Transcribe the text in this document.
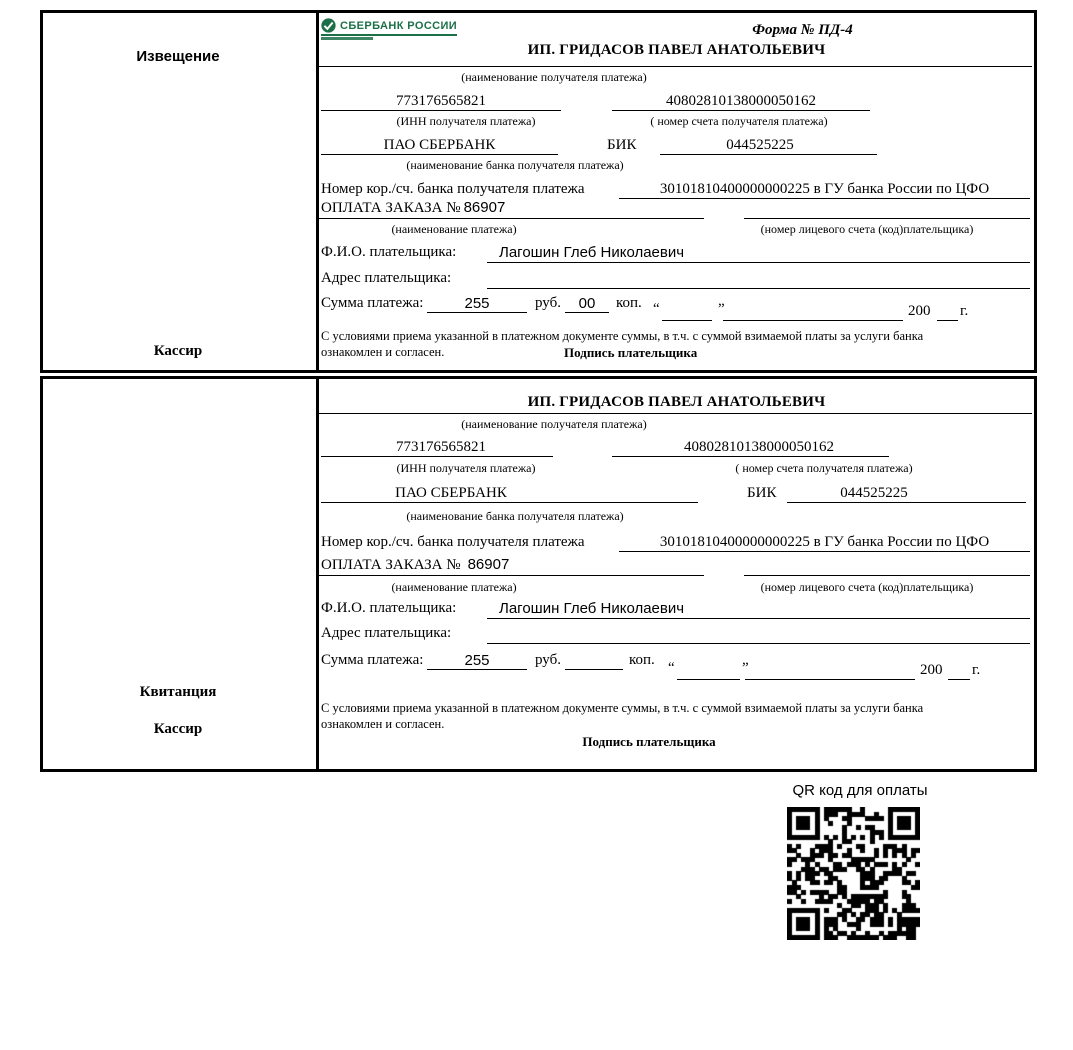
Извещение
Кассир
СБЕРБАНК РОССИИ	Форма № ПД-4
ИП. ГРИДАСОВ ПАВЕЛ АНАТОЛЬЕВИЧ
(наименование получателя платежа)
773176565821	40802810138000050162
(ИНН получателя платежа)	( номер счета получателя платежа)
ПАО СБЕРБАНК	БИК	044525225
(наименование банка получателя платежа)
Номер кор./сч. банка получателя платежа	30101810400000000225 в ГУ банка России по ЦФО
ОПЛАТА ЗАКАЗА № 86907
(наименование платежа)	(номер лицевого счета (код)плательщика)
Ф.И.О. плательщика:	Лагошин Глеб Николаевич
Адрес плательщика:
Сумма платежа:	255	руб.	00	коп. “	”	200 г.
С условиями приема указанной в платежном документе суммы, в т.ч. с суммой взимаемой платы за услуги банка
ознакомлен и согласен.	Подпись плательщика
Квитанция
Кассир
ИП. ГРИДАСОВ ПАВЕЛ АНАТОЛЬЕВИЧ
(наименование получателя платежа)
773176565821	40802810138000050162
(ИНН получателя платежа)	( номер счета получателя платежа)
ПАО СБЕРБАНК	БИК	044525225
(наименование банка получателя платежа)
Номер кор./сч. банка получателя платежа	30101810400000000225 в ГУ банка России по ЦФО
ОПЛАТА ЗАКАЗА № 86907
(наименование платежа)	(номер лицевого счета (код)плательщика)
Ф.И.О. плательщика:	Лагошин Глеб Николаевич
Адрес плательщика:
Сумма платежа:	255	руб.	коп. “	”	200 г.
С условиями приема указанной в платежном документе суммы, в т.ч. с суммой взимаемой платы за услуги банка
ознакомлен и согласен.
Подпись плательщика
QR код для оплаты
